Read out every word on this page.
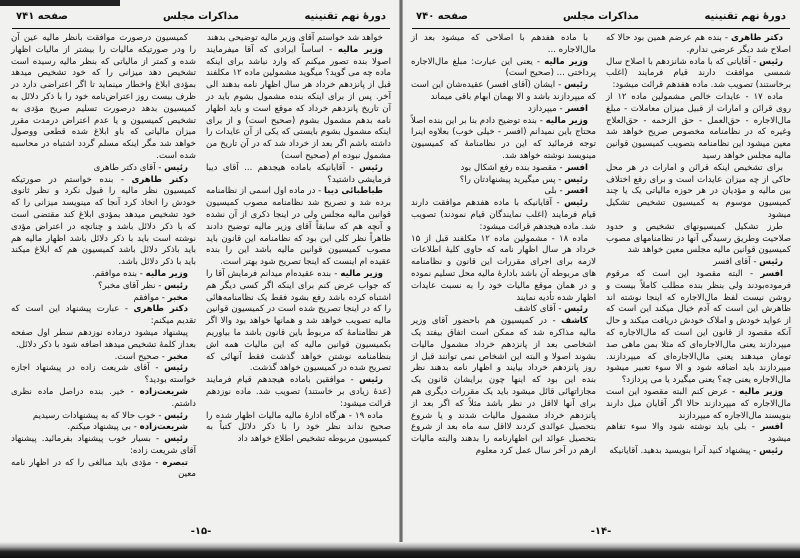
صفحه ۷۴۰	مذاکرات مجلس	دورهٔ نهم تقنینیه

دکتر طاهری - بنده هم عرضم همین بود حالا که اصلاح شد دیگر عرضی ندارم.

رئیس - آقایانی که با ماده شانزدهم با اصلاح سال شمسی موافقت دارند قیام فرمایند (اغلب برخاستند) تصویب شد. ماده هفدهم قرائت میشود:

ماده ۱۷ - عایدات خالص مشمولین ماده ۱۲ از روی قرائن و امارات از قبیل میزان معاملات - مبلغ مال‌الاجاره - حق‌العمل - حق الزحمه - حق‌العلاج وغیره که در نظامنامه مخصوص صریح خواهد شد معین میشود این نظامنامه بتصویب کمیسیون قوانین مالیه مجلس خواهد رسید

برای تشخیص اینکه قرائن و امارات در هر محل حاکی از چه میزان عایدات است و برای رفع اختلاف بین مالیه و مؤدیان در هر حوزه مالیاتی یک یا چند کمیسیون موسوم به کمیسیون تشخیص تشکیل میشود

طرز تشکیل کمیسیونهای تشخیص و حدود صلاحیت وطریق رسیدگی آنها در نظامنامهای مصوب کمیسیون قوانین مالیه مجلس معین خواهد شد

رئیس - آقای افسر

افسر - البته مقصود این است که مرقوم فرموده‌بودند ولی بنظر بنده مطلب کاملاً بیست و روشن نیست لفظ مال‌الاجاره که اینجا نوشته اند ظاهرش این است که آدم خیال میکند این است که از عواید خودش و املاک خودش دریافت میکند و حال آنکه مقصود از قانون این است که مال‌الاجاره که میپردازند یعنی مال‌الاجاره‌ای که مثلا بمن ماهی صد تومان میدهند یعنی مال‌الاجاره‌ای که میپردازند. میپردازند باید اضافه شود و الا سوء تعبیر میشود مال‌الاجاره یعنی چه؟ یعنی میگیرد یا می پردازد؟

وزیر مالیه - عرض کنم البته مقصود این است مال‌الاجاره که میپردازند حالا اگر آقایان میل دارند بنویسند مال‌الاجاره که میپردازند

افسر - بلی باید نوشته شود والا سوء تفاهم میشود

رئیس - پیشنهاد کنید آنرا بنویسید بدهید. آقایانیکه

با ماده هفدهم با اصلاحی که میشود بعد از مال‌الاجاره ...

وزیر مالیه - یعنی این عبارت: مبلغ مال‌الاجاره پرداختی ... (صحیح است)

رئیس - ایشان (آقای افسر) عقیده‌شان این است که میپردازند باشد و الا بهمان ابهام باقی میماند

افسر - میپردازد

وزیر مالیه - بنده توضیح دادم بنا بر این بنده اصلاً محتاج باین نمیدانم (افسر - خیلی خوب) بعلاوه اینرا توجه فرمائید که این در نظامنامهٔ که کمیسیون مینویسد نوشته خواهد شد.

افسر - مقصود بنده رفع اشکال بود

رئیس - پس میگیرید پیشنهادتان را؟

افسر - بلی

رئیس - آقایانیکه با ماده هفدهم موافقت دارند قیام فرمایند (اغلب نمایندگان قیام نمودند) تصویب شد. ماده هیجدهم قرائت میشود:

ماده ۱۸ - مشمولین ماده ۱۲ مکلفند قبل از ۱۵ خرداد هر سال اظهار نامه که حاوی کلیهٔ اطلاعات لازمه برای اجرای مقررات این قانون و نظامنامه های مربوطه آن باشد بادارهٔ مالیه محل تسلیم نموده و در همان موقع مالیات خود را به نسبت عایدات اظهار شده تأدیه نمایند

رئیس - آقای کاشف

کاشف - در کمیسیون هم باحضور آقای وزیر مالیه مذاکره شد که ممکن است اتفاق بیفتد یک اشخاصی بعد از پانزدهم خرداد مشمول مالیات بشوند اصولا و البته این اشخاص نمی توانند قبل از روز پانزدهم خرداد بیایند و اظهار نامه بدهند نظر بنده این بود که اینها چون برایشان قانون یک مجازاتهائی قائل میشود باید یک مقررات دیگری هم برای آنها لااقل در نظر باشد مثلاً که اگر بعد از پانزدهم خرداد مشمول مالیات شدند و یا شروع بتحصیل عوائدی کردند لااقل سه ماه بعد از شروع بتحصیل عوائد این اظهارنامه را بدهند والبته مالیات ارهم در آخر سال عمل کرد معلوم

-۱۴-
صفحه ۷۴۱	مذاکرات مجلس	دورهٔ نهم تقنینیه

خواهد شد خواستم آقای وزیر مالیه توضیحی بدهند

وزیر مالیه - اساساً ایرادی که آقا میفرمایند اصولا بنده تصور میکنم که وارد نباشد برای اینکه ماده چه می گوید؟ میگوید مشمولین ماده ۱۲ مکلفند قبل از پانزدهم خرداد هر سال اظهار نامه بدهند الی آخر. پس از برای اینکه بنده مشمول بشوم باید در آن تاریخ پانزدهم خرداد که موقع است و باید اظهار نامه بدهم مشمول بشوم (صحیح است) و از برای اینکه مشمول بشوم بایستی که یکی از آن عایدات را داشته باشم اگر بعد از خرداد شد که در آن تاریخ من مشمول نبوده ام (صحیح است)

رئیس - آقایانیکه باماده هیجدهم ... آقای دیبا فرمایشی داشتید؟

طباطبائی دیبا - در ماده اول اسمی از نظامنامه برده شد و تصریح شد نظامنامه مصوب کمیسیون قوانین مالیه مجلس ولی در اینجا ذکری از آن نشده و آنچه هم که سابقاً آقای وزیر مالیه توضیح دادند ظاهراً نظر کلی این بود که نظامنامه این قانون باید مصوب کمیسیون قوانین مالیه باشد این را بنده عقیده ام اینست که اینجا تصریح شود بهتر است.

وزیر مالیه - بنده عقیده‌ام میدانم فرمایش آقا را که جواب عرض کنم برای اینکه اگر کسی دیگر هم اشتباه کرده باشد رفع بشود فقط یک نظامنامه‌هائی را که در اینجا تصریح شده است در کمیسیون قوانین مالیه تصویب خواهد شد و همانها خواهد بود والا اگر هر نظامنامهٔ که مربوط باین قانون باشد ما بیاوریم بکمیسیون قوانین مالیه که این مالیات همه اش بنظامنامه نوشتن خواهد گذشت فقط آنهائی که تصریح شده در کمیسیون خواهد گذشت.

رئیس - موافقین باماده هیجدهم قیام فرمایند (عدهٔ زیادی بر خاستند) تصویب شد. ماده نوزدهم قرائت میشود:

ماده ۱۹ - هرگاه ادارهٔ مالیه مالیات اظهار شده را صحیح نداند نظر خود را با ذکر دلائل کتباً به کمیسیون مربوطه تشخیص اطلاع خواهد داد

کمیسیون درصورت موافقت بانظر مالیه عین آن را ودر صورتیکه مالیات را بیشتر از مالیات اظهار شده و کمتر از مالیاتی که بنظر مالیه رسیده است تشخیص دهد میزانی را که خود تشخیص میدهد بمؤدی ابلاغ واخطار مینماید تا اگر اعتراضی دارد در ظرف بیست روز اعتراض‌نامه خود را با ذکر دلائل به کمیسیون بدهد درصورت تسلیم صریح مؤدی به تشخیص کمیسیون و یا عدم اعتراض درمدت مقرر میزان مالیاتی که باو ابلاغ شده قطعی ووصول خواهد شد مگر اینکه مسلم گردد اشتباه در محاسبه شده است.

رئیس - آقای دکتر طاهری

دکتر طاهری - بنده خواستم در صورتیکه کمیسیون نظر مالیه را قبول نکرد و نظر ثانوی خودش را اتخاذ کرد آنجا که مینویسد میزانی را که خود تشخیص میدهد بمؤدی ابلاغ کند مقتضی است که با ذکر دلائل باشد و چنانچه در اعتراض مؤدی نوشته است باید با ذکر دلائل باشد اظهار مالیه هم باید باذکر دلائل باشد کمیسیون هم که ابلاغ میکند باید با ذکر دلائل باشد.

وزیر مالیه - بنده موافقم.

رئیس - نظر آقای مخبر؟

مخبر - موافقم

دکتر طاهری - عبارت پیشنهاد این است که تقدیم میکنم:

پیشنهاد میشود درماده نوزدهم سطر اول صفحه بعداز کلمهٔ تشخیص میدهد اضافه شود با ذکر دلائل.

مخبر - صحیح است.

رئیس - آقای شریعت زاده در پیشنهاد اجازه خواسته بودید؟

شریعت‌زاده - خیر. بنده دراصل ماده نظری داشتم.

رئیس - خوب حالا که به پیشنهادات رسیدیم

شریعت‌زاده - بی پیشنهاد میکنم.

رئیس - بسیار خوب پیشنهاد بفرمائید. پیشنهاد آقای شریعت زاده:

تبصره - مؤدی باید مبالغی را که در اظهار نامه معین

-۱۵-
